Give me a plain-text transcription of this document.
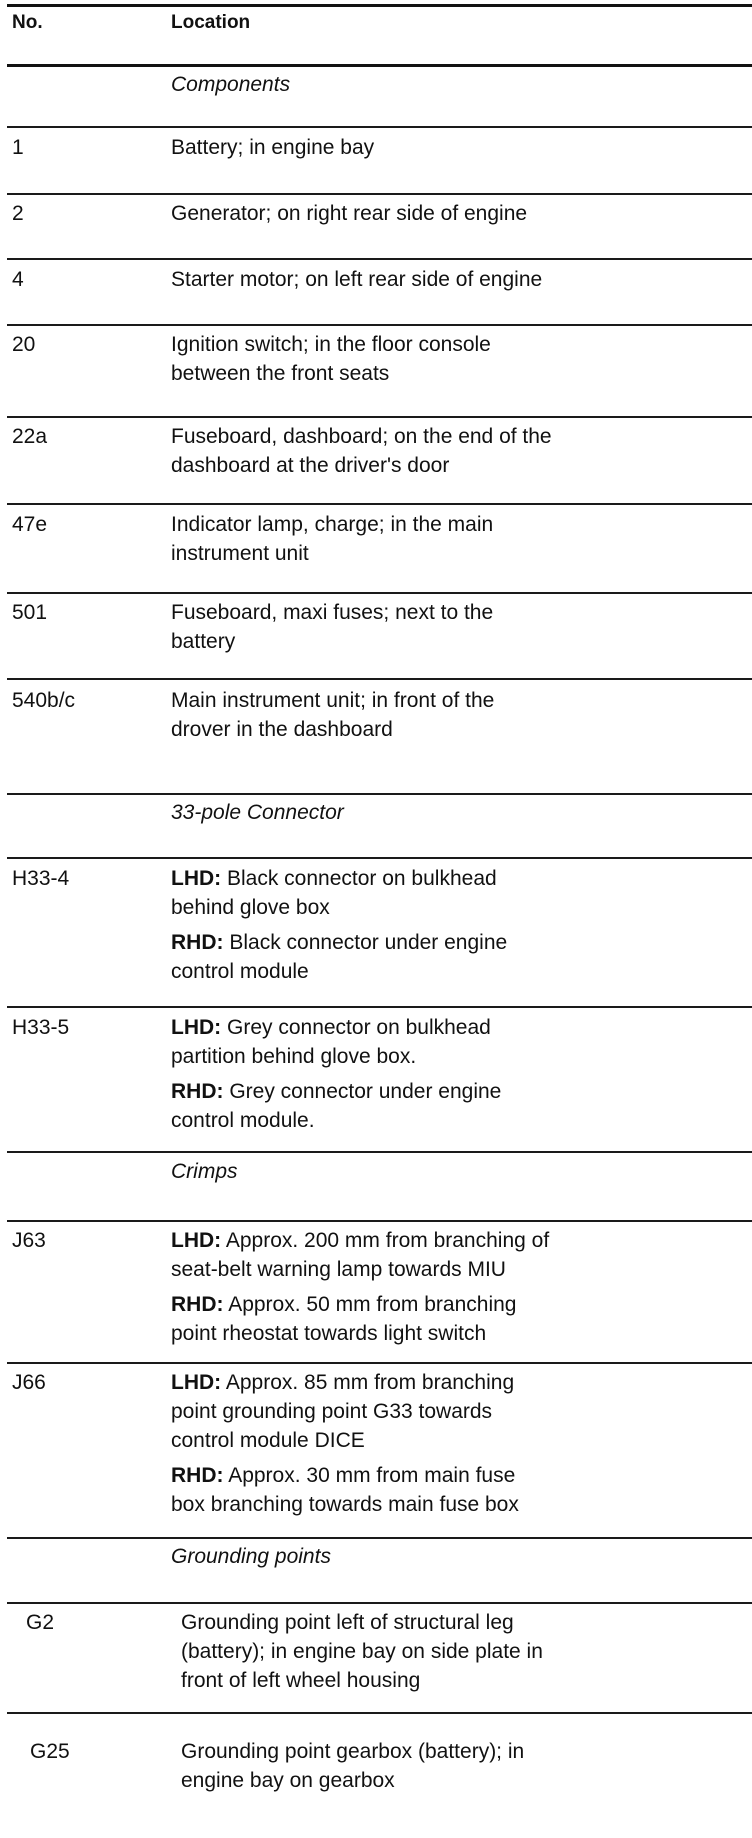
No.	Location
Components
1	Battery; in engine bay
2	Generator; on right rear side of engine
4	Starter motor; on left rear side of engine
20	Ignition switch; in the floor console
between the front seats
22a	Fuseboard, dashboard; on the end of the
dashboard at the driver's door
47e	Indicator lamp, charge; in the main
instrument unit
501	Fuseboard, maxi fuses; next to the
battery
540b/c	Main instrument unit; in front of the
drover in the dashboard
33-pole Connector
H33-4	LHD: Black connector on bulkhead
behind glove box
RHD: Black connector under engine
control module
H33-5	LHD: Grey connector on bulkhead
partition behind glove box.
RHD: Grey connector under engine
control module.
Crimps
J63	LHD: Approx. 200 mm from branching of
seat-belt warning lamp towards MIU
RHD: Approx. 50 mm from branching
point rheostat towards light switch
J66	LHD: Approx. 85 mm from branching
point grounding point G33 towards
control module DICE
RHD: Approx. 30 mm from main fuse
box branching towards main fuse box
Grounding points
G2	Grounding point left of structural leg
(battery); in engine bay on side plate in
front of left wheel housing
G25	Grounding point gearbox (battery); in
engine bay on gearbox
